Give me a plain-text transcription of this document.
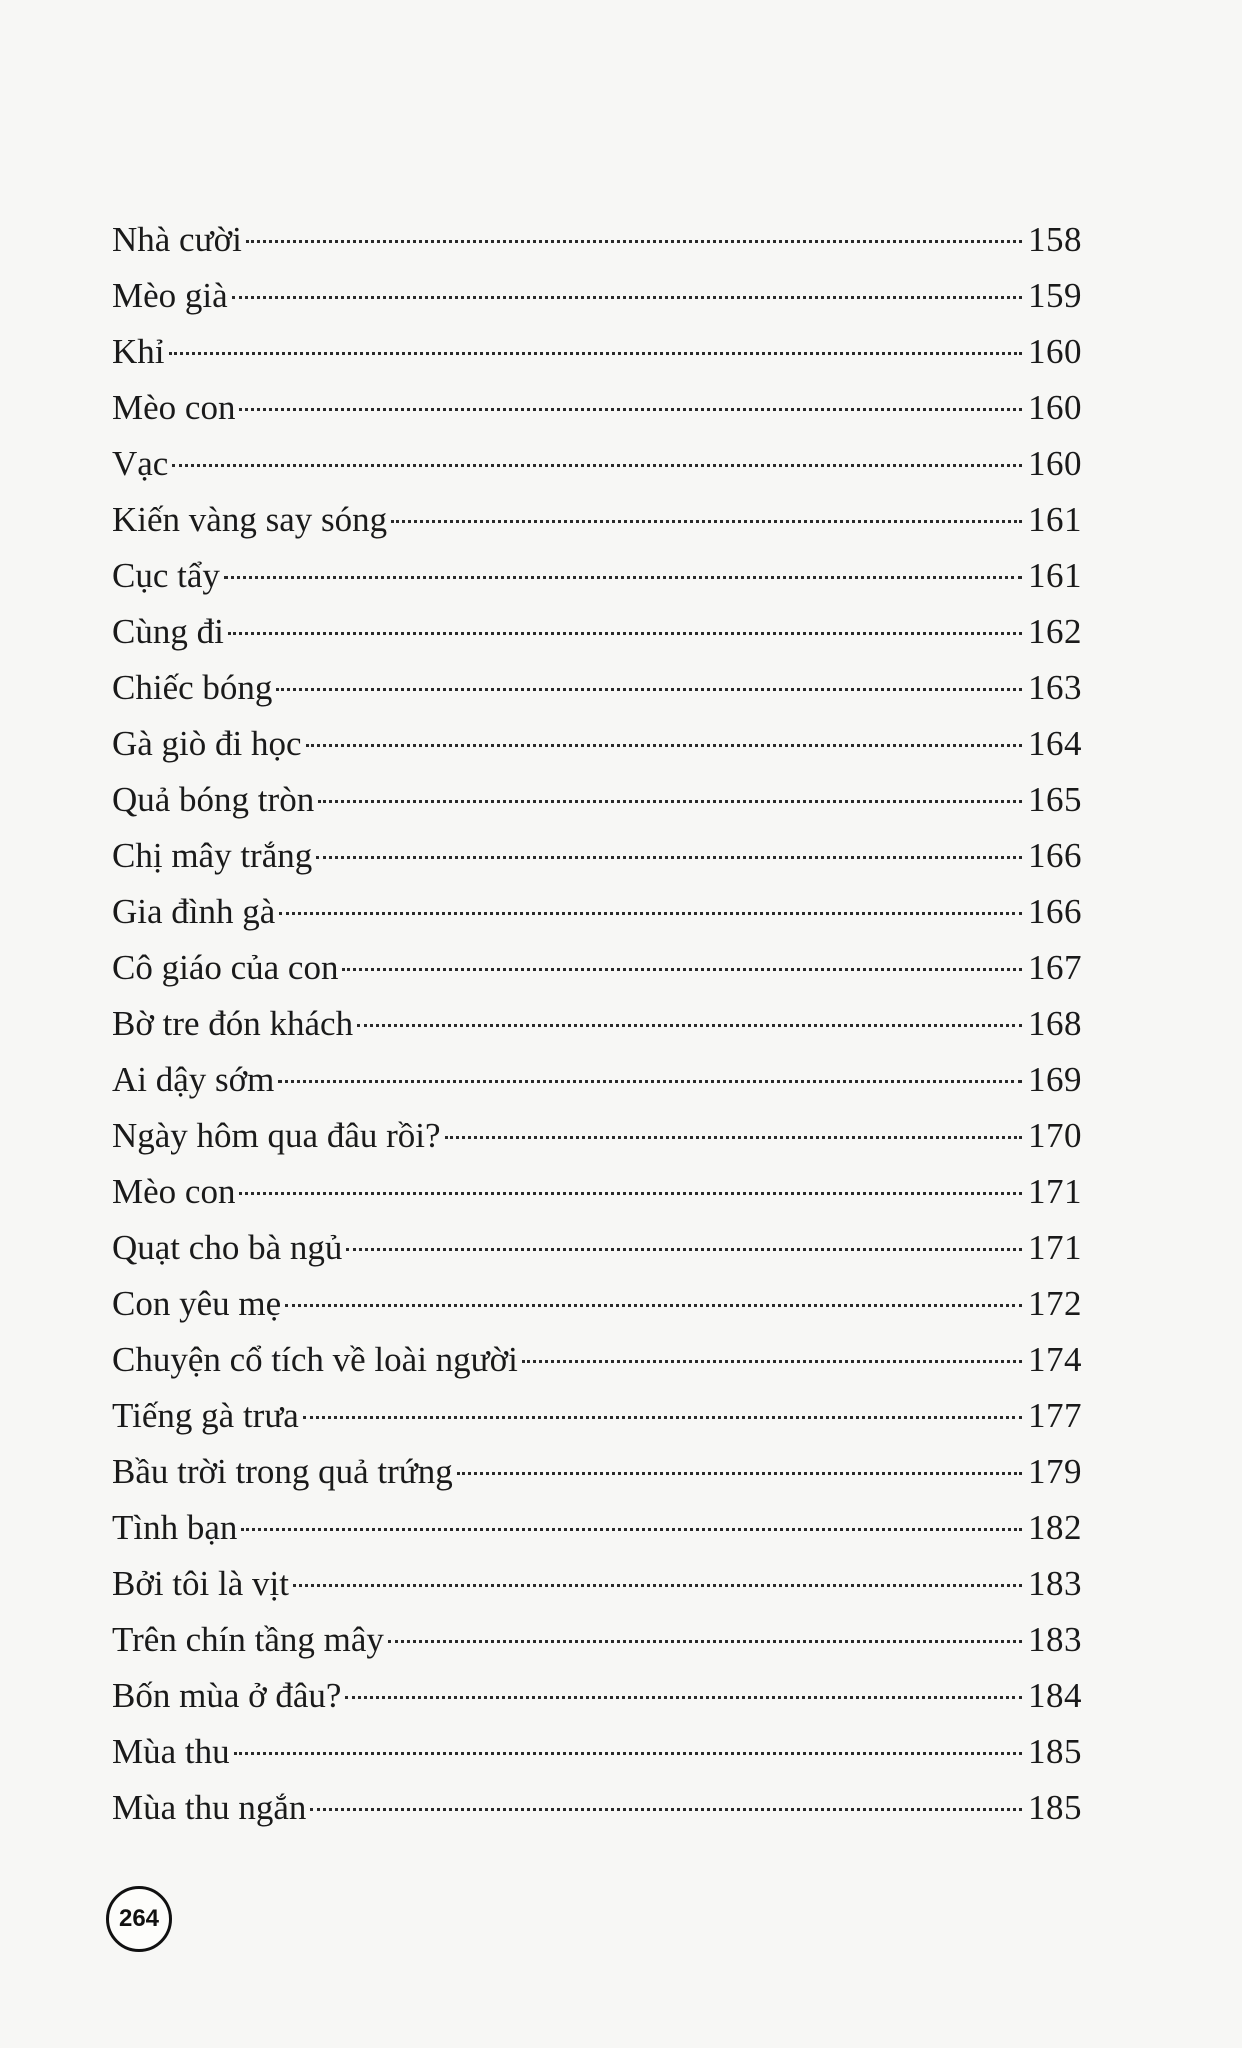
Nhà cười	158
Mèo già	159
Khỉ	160
Mèo con	160
Vạc	160
Kiến vàng say sóng	161
Cục tẩy	161
Cùng đi	162
Chiếc bóng	163
Gà giò đi học	164
Quả bóng tròn	165
Chị mây trắng	166
Gia đình gà	166
Cô giáo của con	167
Bờ tre đón khách	168
Ai dậy sớm	169
Ngày hôm qua đâu rồi?	170
Mèo con	171
Quạt cho bà ngủ	171
Con yêu mẹ	172
Chuyện cổ tích về loài người	174
Tiếng gà trưa	177
Bầu trời trong quả trứng	179
Tình bạn	182
Bởi tôi là vịt	183
Trên chín tầng mây	183
Bốn mùa ở đâu?	184
Mùa thu	185
Mùa thu ngắn	185
264
